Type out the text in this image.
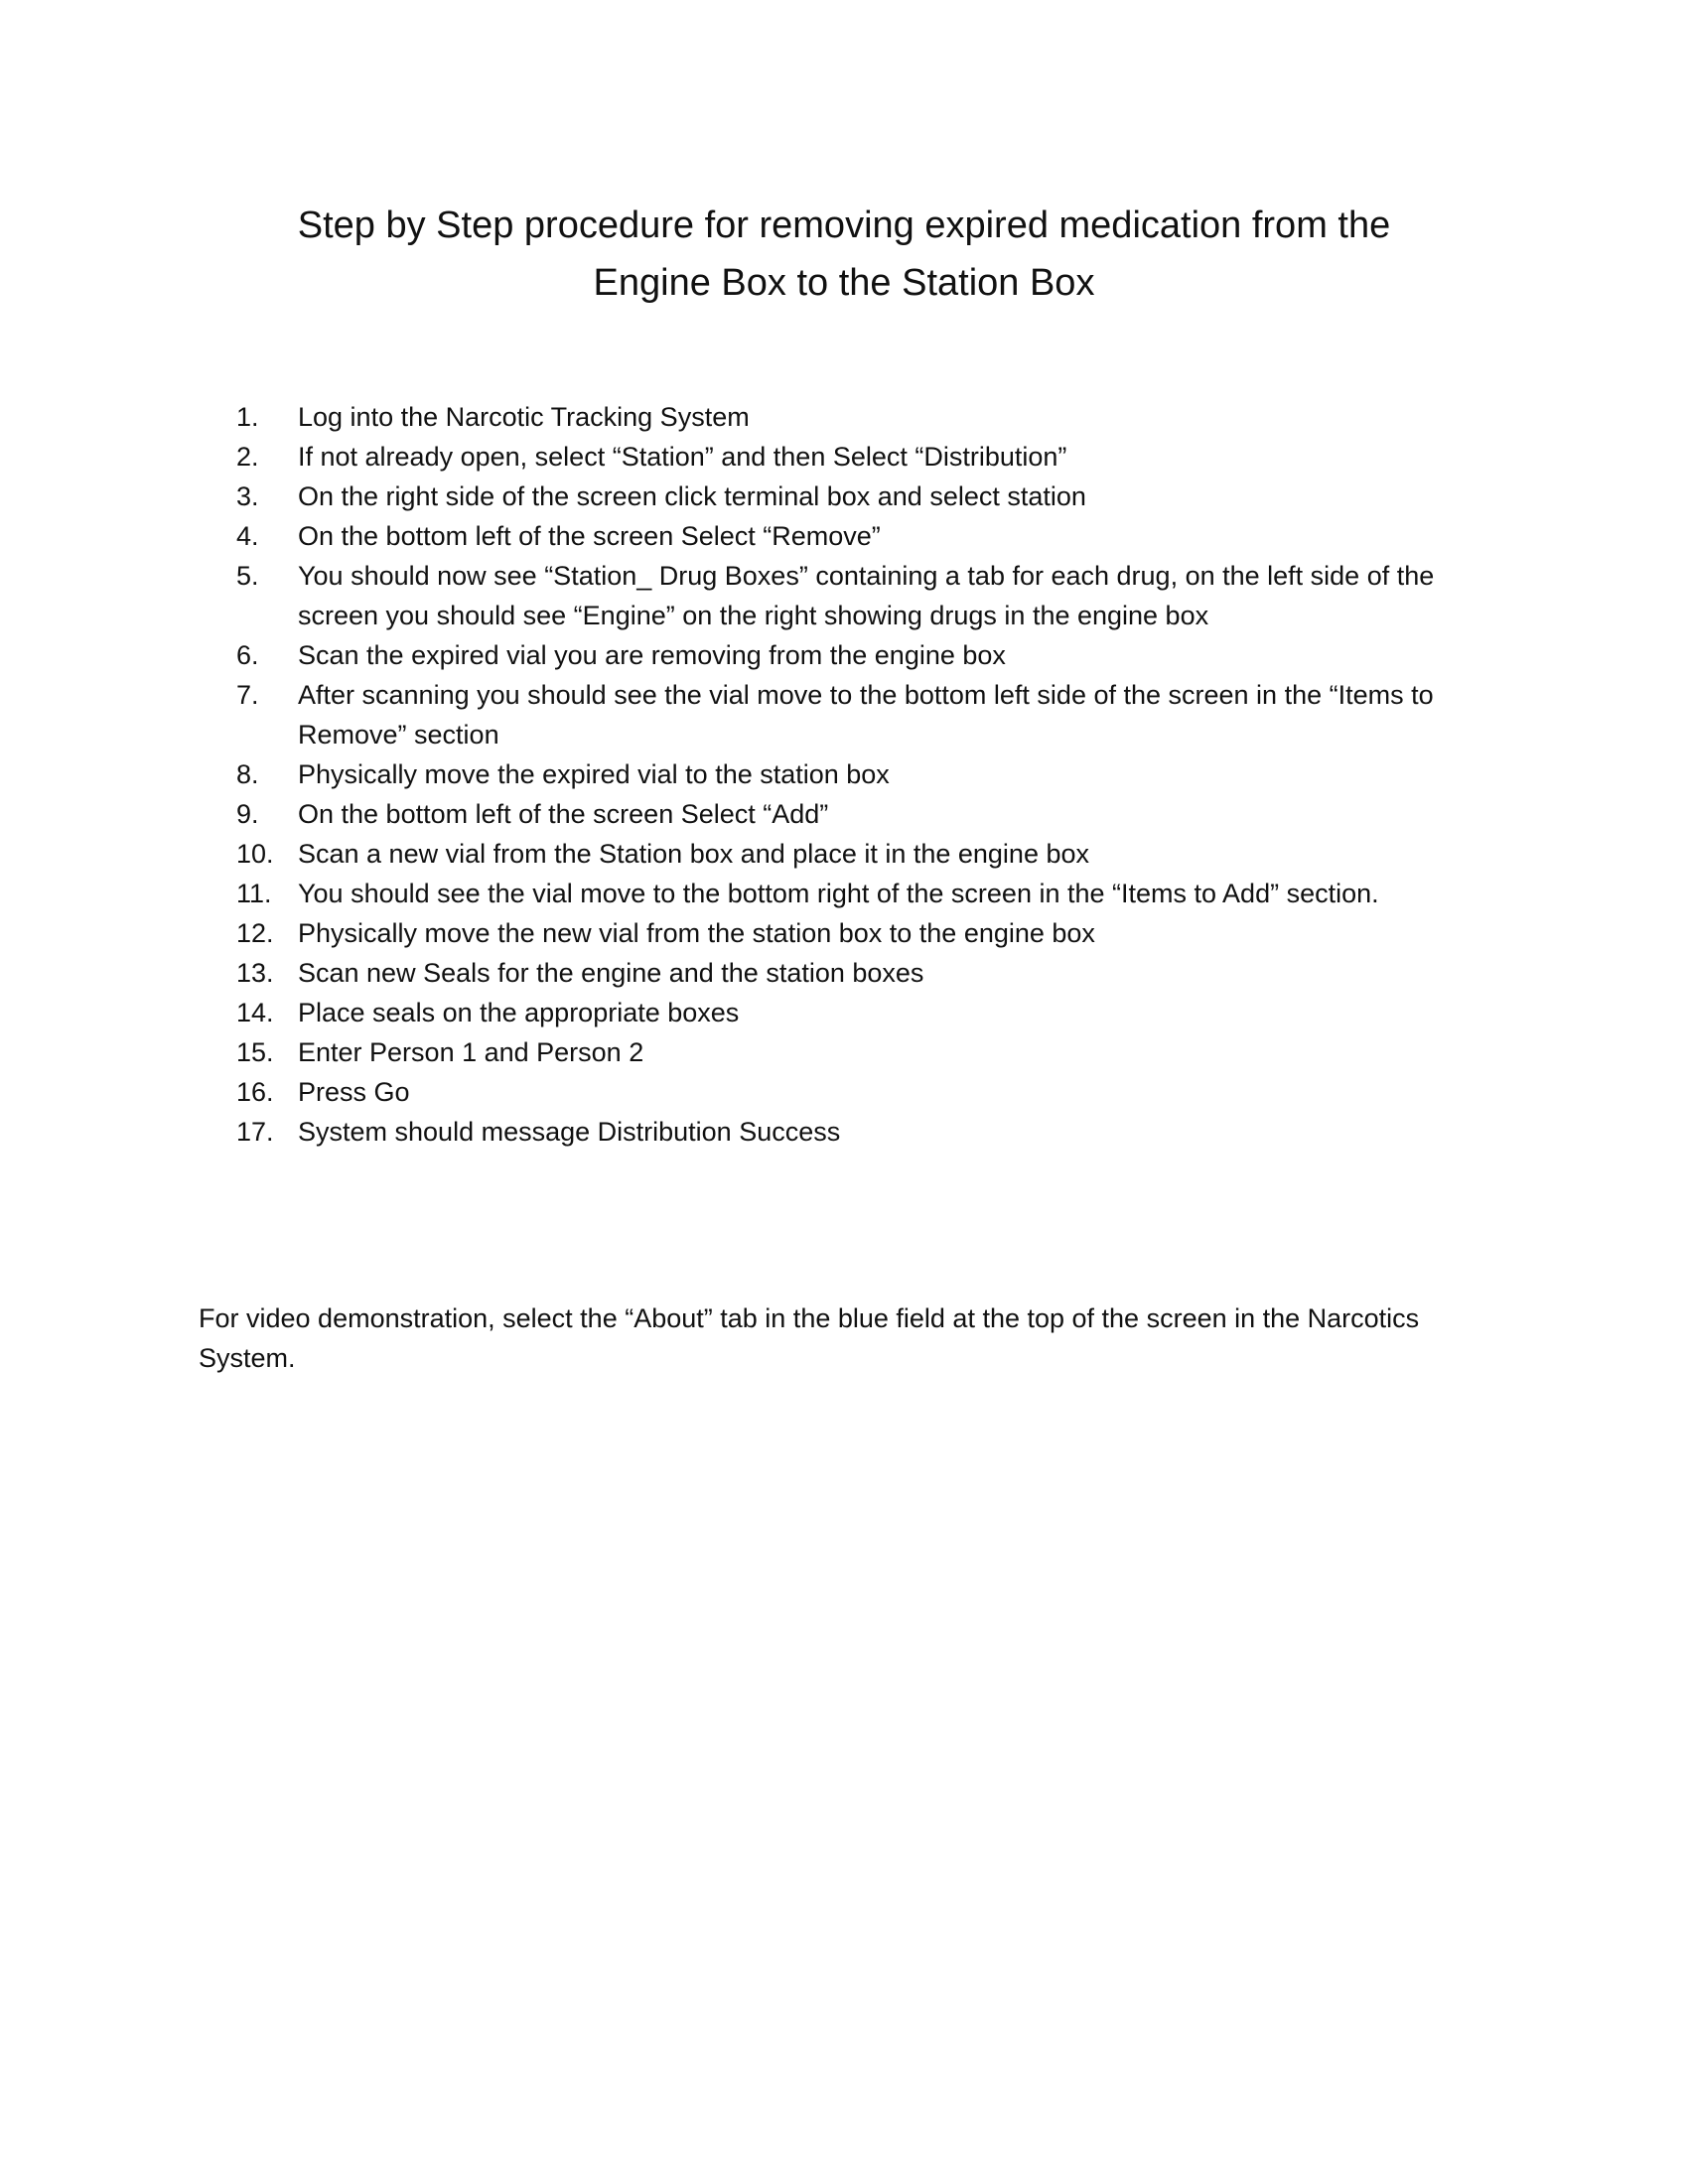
Step by Step procedure for removing expired medication from the
Engine Box to the Station Box
1.	Log into the Narcotic Tracking System
2.	If not already open, select “Station” and then Select “Distribution”
3.	On the right side of the screen click terminal box and select station
4.	On the bottom left of the screen Select “Remove”
5.	You should now see “Station_ Drug Boxes” containing a tab for each drug, on the left side of the screen you should see “Engine” on the right showing drugs in the engine box
6.	Scan the expired vial you are removing from the engine box
7.	After scanning you should see the vial move to the bottom left side of the screen in the “Items to Remove” section
8.	Physically move the expired vial to the station box
9.	On the bottom left of the screen Select “Add”
10. Scan a new vial from the Station box and place it in the engine box
11. You should see the vial move to the bottom right of the screen in the “Items to Add” section.
12. Physically move the new vial from the station box to the engine box
13. Scan new Seals for the engine and the station boxes
14. Place seals on the appropriate boxes
15. Enter Person 1 and Person 2
16. Press Go
17. System should message Distribution Success

For video demonstration, select the “About” tab in the blue field at the top of the screen in the Narcotics System.
